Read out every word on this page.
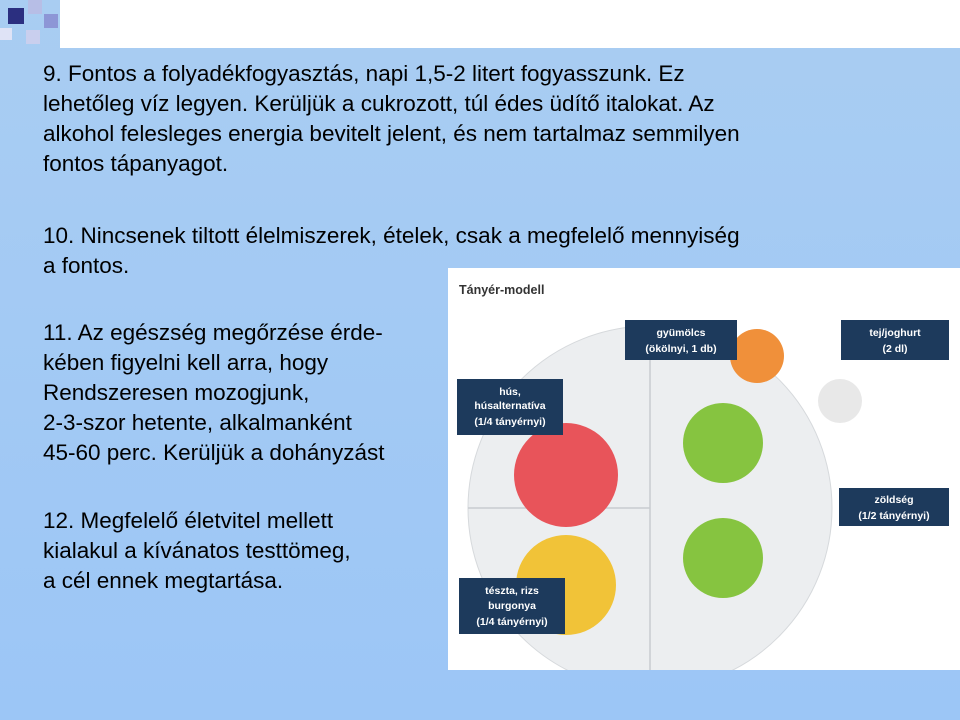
9. Fontos a folyadékfogyasztás, napi 1,5-2 litert fogyasszunk. Ez
lehetőleg víz legyen. Kerüljük a cukrozott, túl édes üdítő italokat. Az
alkohol felesleges energia bevitelt jelent, és nem tartalmaz semmilyen
fontos tápanyagot.
10. Nincsenek tiltott élelmiszerek, ételek, csak a megfelelő mennyiség
a fontos.
11. Az egészség megőrzése érde-
kében figyelni kell arra, hogy
Rendszeresen mozogjunk,
2-3-szor hetente, alkalmanként
45-60 perc. Kerüljük a dohányzást
12. Megfelelő életvitel mellett
kialakul a kívánatos testtömeg,
a cél ennek megtartása.
Tányér-modell
gyümölcs
(ökölnyi, 1 db)
tej/joghurt
(2 dl)
hús,
húsalternatíva
(1/4 tányérnyi)
zöldség
(1/2 tányérnyi)
tészta, rizs
burgonya
(1/4 tányérnyi)
